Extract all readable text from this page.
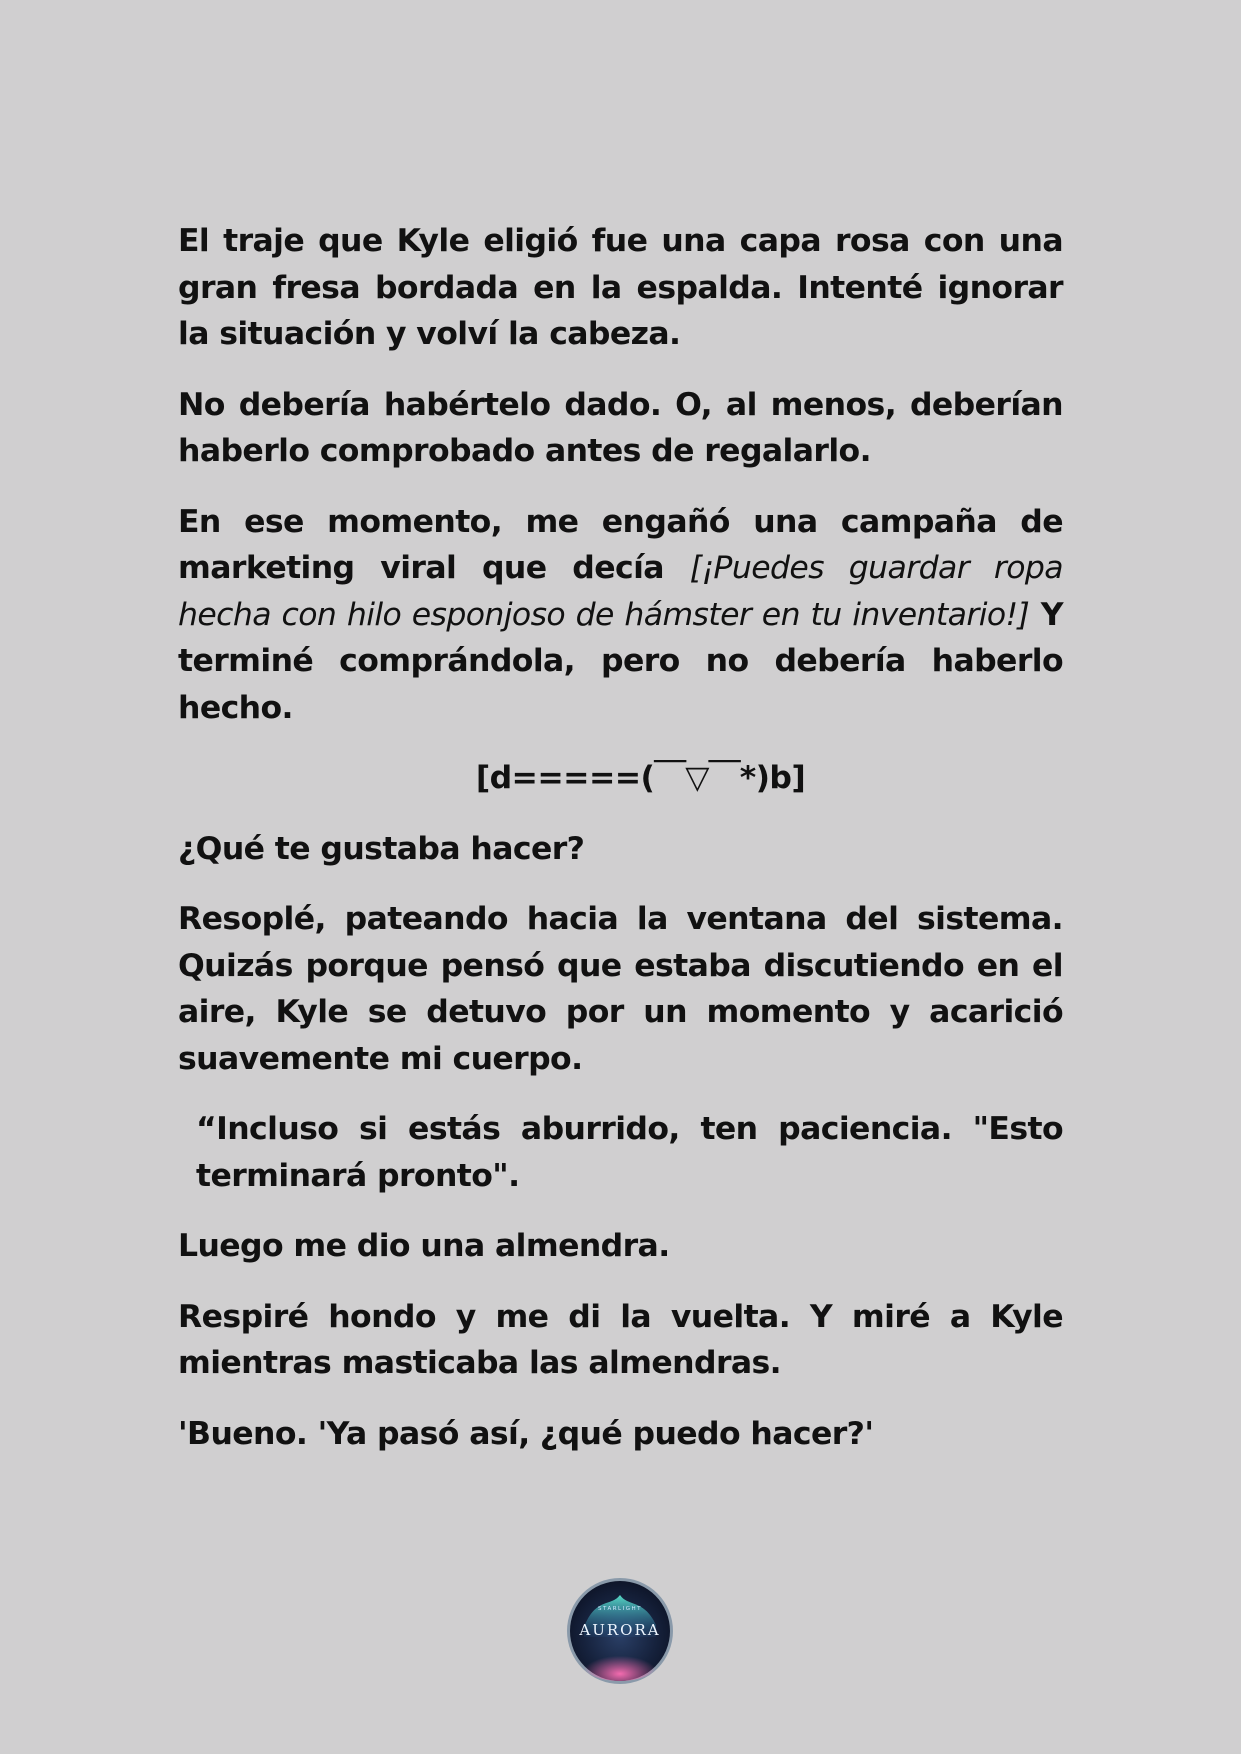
El traje que Kyle eligió fue una capa rosa con una gran fresa bordada en la espalda. Intenté ignorar la situación y volví la cabeza.

No debería habértelo dado. O, al menos, deberían haberlo comprobado antes de regalarlo.

En ese momento, me engañó una campaña de marketing viral que decía [¡Puedes guardar ropa hecha con hilo esponjoso de hámster en tu inventario!] Y terminé comprándola, pero no debería haberlo hecho.

[d=====(￣▽￣*)b]

¿Qué te gustaba hacer?

Resoplé, pateando hacia la ventana del sistema. Quizás porque pensó que estaba discutiendo en el aire, Kyle se detuvo por un momento y acarició suavemente mi cuerpo.

“Incluso si estás aburrido, ten paciencia. "Esto terminará pronto".

Luego me dio una almendra.

Respiré hondo y me di la vuelta. Y miré a Kyle mientras masticaba las almendras.

'Bueno. 'Ya pasó así, ¿qué puedo hacer?'

STARLIGHT
AURORA
